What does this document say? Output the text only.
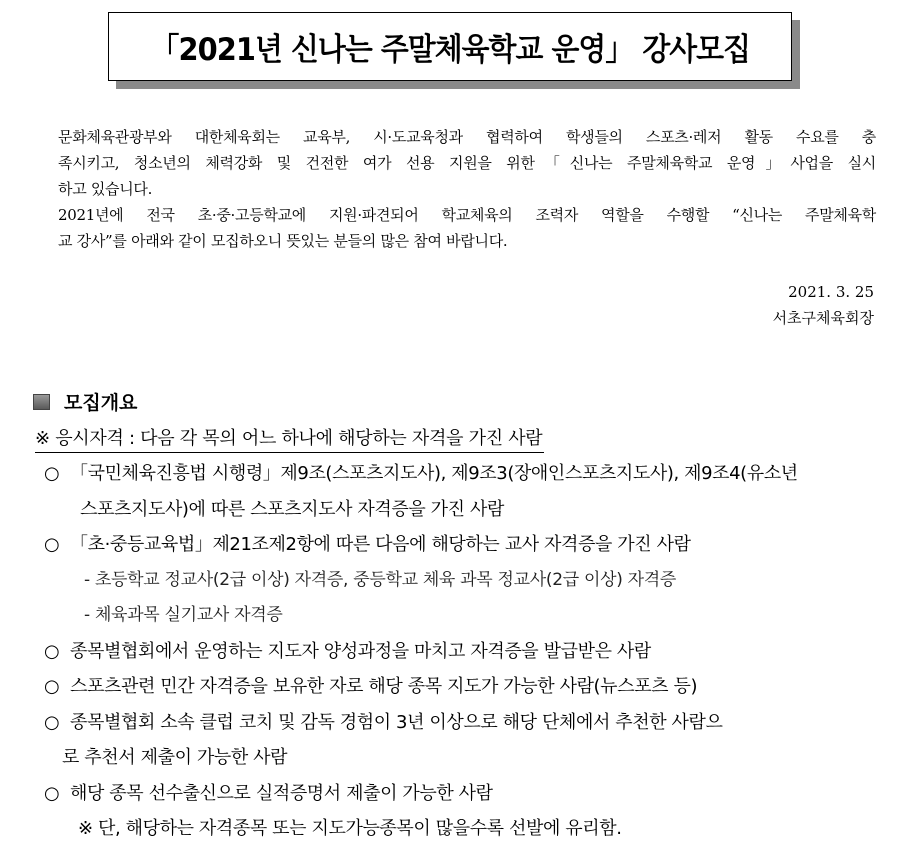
「2021년 신나는 주말체육학교 운영」 강사모집
문화체육관광부와 대한체육회는 교육부, 시·도교육청과 협력하여 학생들의 스포츠·레저 활동 수요를 충
족시키고, 청소년의 체력강화 및 건전한 여가 선용 지원을 위한「신나는 주말체육학교 운영」사업을 실시
하고 있습니다.
2021년에 전국 초·중·고등학교에 지원·파견되어 학교체육의 조력자 역할을 수행할 “신나는 주말체육학
교 강사”를 아래와 같이 모집하오니 뜻있는 분들의 많은 참여 바랍니다.
2021. 3. 25
서초구체육회장
모집개요
※ 응시자격 : 다음 각 목의 어느 하나에 해당하는 자격을 가진 사람
○ 「국민체육진흥법 시행령」제9조(스포츠지도사), 제9조3(장애인스포츠지도사), 제9조4(유소년
스포츠지도사)에 따른 스포츠지도사 자격증을 가진 사람
○ 「초·중등교육법」제21조제2항에 따른 다음에 해당하는 교사 자격증을 가진 사람
- 초등학교 정교사(2급 이상) 자격증, 중등학교 체육 과목 정교사(2급 이상) 자격증
- 체육과목 실기교사 자격증
○ 종목별협회에서 운영하는 지도자 양성과정을 마치고 자격증을 발급받은 사람
○ 스포츠관련 민간 자격증을 보유한 자로 해당 종목 지도가 가능한 사람(뉴스포츠 등)
○ 종목별협회 소속 클럽 코치 및 감독 경험이 3년 이상으로 해당 단체에서 추천한 사람으
로 추천서 제출이 가능한 사람
○ 해당 종목 선수출신으로 실적증명서 제출이 가능한 사람
※ 단, 해당하는 자격종목 또는 지도가능종목이 많을수록 선발에 유리함.
